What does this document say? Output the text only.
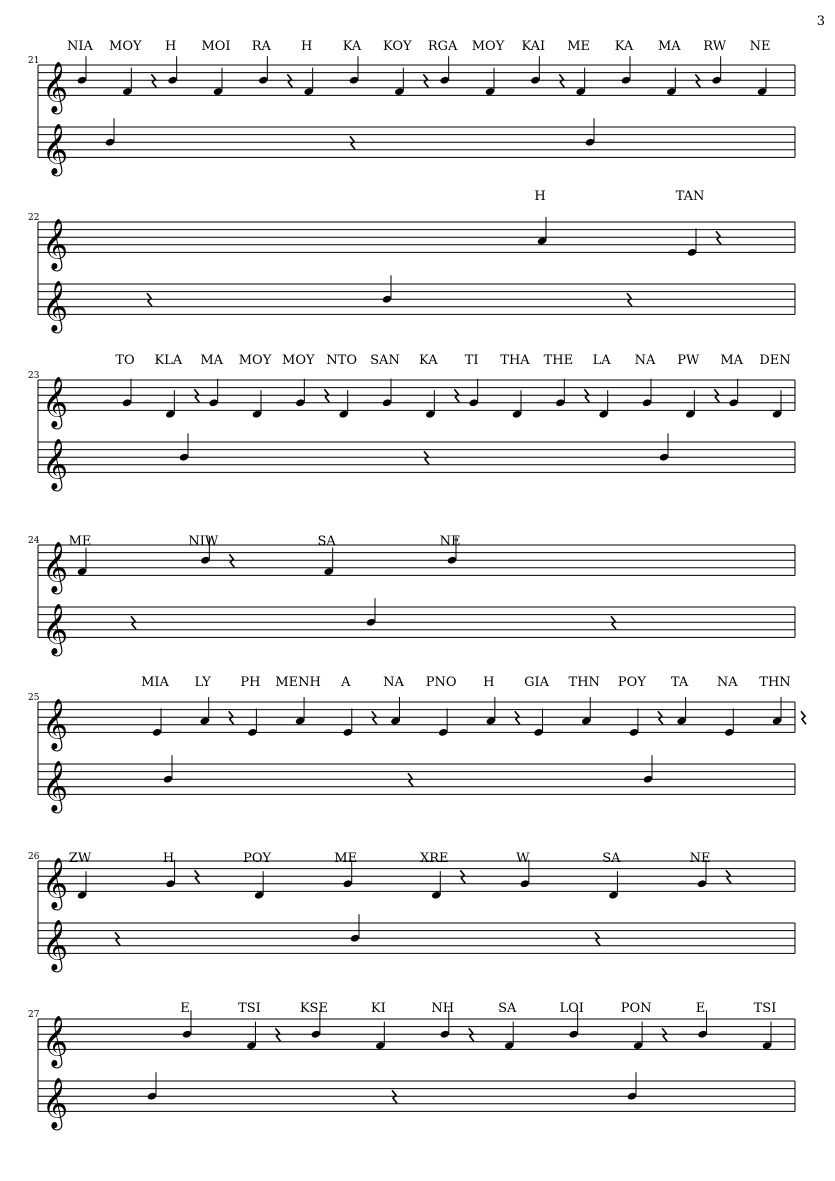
3
𝄞
𝄞
21
NIA MOY H MOI RA H KA KOY RGA MOY KAI ME KA MA RW NE
𝄞
𝄞
22
H	TAN
𝄞
𝄞
23
TO KLA MA MOY MOY NTO SAN KA TI THA THE LA NA PW MA DEN
𝄞
𝄞
24 ME	NIW	SA	NE
𝄞
𝄞
25
MIA LY PH MENH A	NA PNO H GIA THN POY TA NA THN
𝄞
𝄞
26 ZW	H	POY	ME	XRE	W	SA	NE
𝄞
𝄞
27	E	TSI	KSE	KI	NH	SA	LOI	PON	E	TSI
